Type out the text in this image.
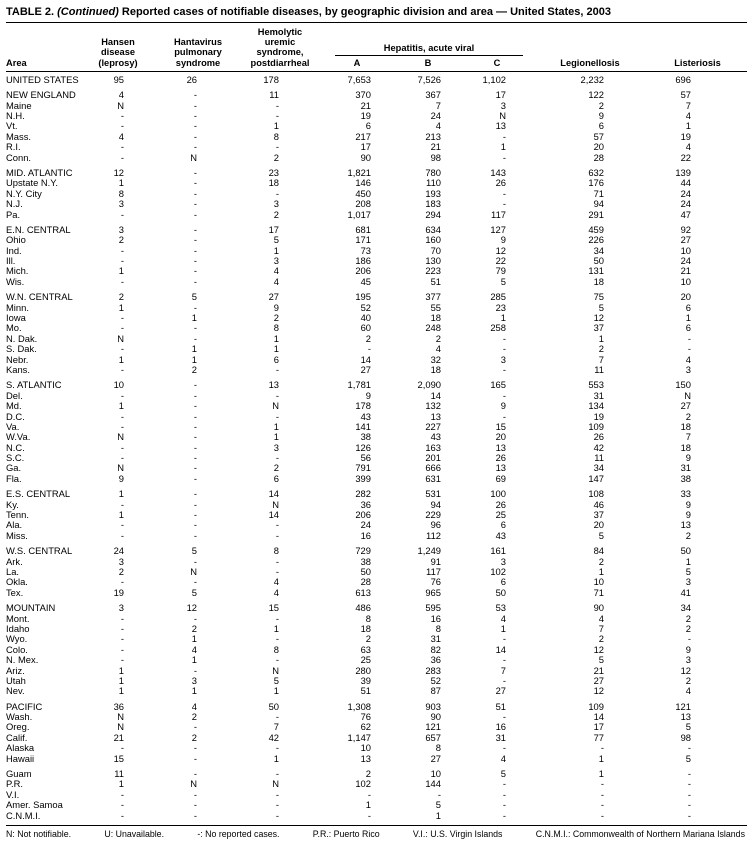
TABLE 2. (Continued) Reported cases of notifiable diseases, by geographic division and area — United States, 2003
Area
Hansen
disease
(leprosy)
Hantavirus
pulmonary
syndrome
Hemolytic
uremic
syndrome,
postdiarrheal
Hepatitis, acute viral
A	B	C	Legionellosis	Listeriosis
UNITED STATES	95	26	178	7,653	7,526	1,102	2,232	696
NEW ENGLAND	4	-	11	370	367	17	122	57
Maine	N	-	-	21	7	3	2	7
N.H.	-	-	-	19	24	N	9	4
Vt.	-	-	1	6	4	13	6	1
Mass.	4	-	8	217	213	-	57	19
R.I.	-	-	-	17	21	1	20	4
Conn.	-	N	2	90	98	-	28	22
MID. ATLANTIC	12	-	23	1,821	780	143	632	139
Upstate N.Y.	1	-	18	146	110	26	176	44
N.Y. City	8	-	-	450	193	-	71	24
N.J.	3	-	3	208	183	-	94	24
Pa.	-	-	2	1,017	294	117	291	47
E.N. CENTRAL	3	-	17	681	634	127	459	92
Ohio	2	-	5	171	160	9	226	27
Ind.	-	-	1	73	70	12	34	10
Ill.	-	-	3	186	130	22	50	24
Mich.	1	-	4	206	223	79	131	21
Wis.	-	-	4	45	51	5	18	10
W.N. CENTRAL	2	5	27	195	377	285	75	20
Minn.	1	-	9	52	55	23	5	6
Iowa	-	1	2	40	18	1	12	1
Mo.	-	-	8	60	248	258	37	6
N. Dak.	N	-	1	2	2	-	1	-
S. Dak.	-	1	1	-	4	-	2	-
Nebr.	1	1	6	14	32	3	7	4
Kans.	-	2	-	27	18	-	11	3
S. ATLANTIC	10	-	13	1,781	2,090	165	553	150
Del.	-	-	-	9	14	-	31	N
Md.	1	-	N	178	132	9	134	27
D.C.	-	-	-	43	13	-	19	2
Va.	-	-	1	141	227	15	109	18
W.Va.	N	-	1	38	43	20	26	7
N.C.	-	-	3	126	163	13	42	18
S.C.	-	-	-	56	201	26	11	9
Ga.	N	-	2	791	666	13	34	31
Fla.	9	-	6	399	631	69	147	38
E.S. CENTRAL	1	-	14	282	531	100	108	33
Ky.	-	-	N	36	94	26	46	9
Tenn.	1	-	14	206	229	25	37	9
Ala.	-	-	-	24	96	6	20	13
Miss.	-	-	-	16	112	43	5	2
W.S. CENTRAL	24	5	8	729	1,249	161	84	50
Ark.	3	-	-	38	91	3	2	1
La.	2	N	-	50	117	102	1	5
Okla.	-	-	4	28	76	6	10	3
Tex.	19	5	4	613	965	50	71	41
MOUNTAIN	3	12	15	486	595	53	90	34
Mont.	-	-	-	8	16	4	4	2
Idaho	-	2	1	18	8	1	7	2
Wyo.	-	1	-	2	31	-	2	-
Colo.	-	4	8	63	82	14	12	9
N. Mex.	-	1	-	25	36	-	5	3
Ariz.	1	-	N	280	283	7	21	12
Utah	1	3	5	39	52	-	27	2
Nev.	1	1	1	51	87	27	12	4
PACIFIC	36	4	50	1,308	903	51	109	121
Wash.	N	2	-	76	90	-	14	13
Oreg.	N	-	7	62	121	16	17	5
Calif.	21	2	42	1,147	657	31	77	98
Alaska	-	-	-	10	8	-	-	-
Hawaii	15	-	1	13	27	4	1	5
Guam	11	-	-	2	10	5	1	-
P.R.	1	N	N	102	144	-	-	-
V.I.	-	-	-	-	-	-	-	-
Amer. Samoa	-	-	-	1	5	-	-	-
C.N.M.I.	-	-	-	-	1	-	-	-
N: Not notifiable.	U: Unavailable.	-: No reported cases.	P.R.: Puerto Rico	V.I.: U.S. Virgin Islands	C.N.M.I.: Commonwealth of Northern Mariana Islands
